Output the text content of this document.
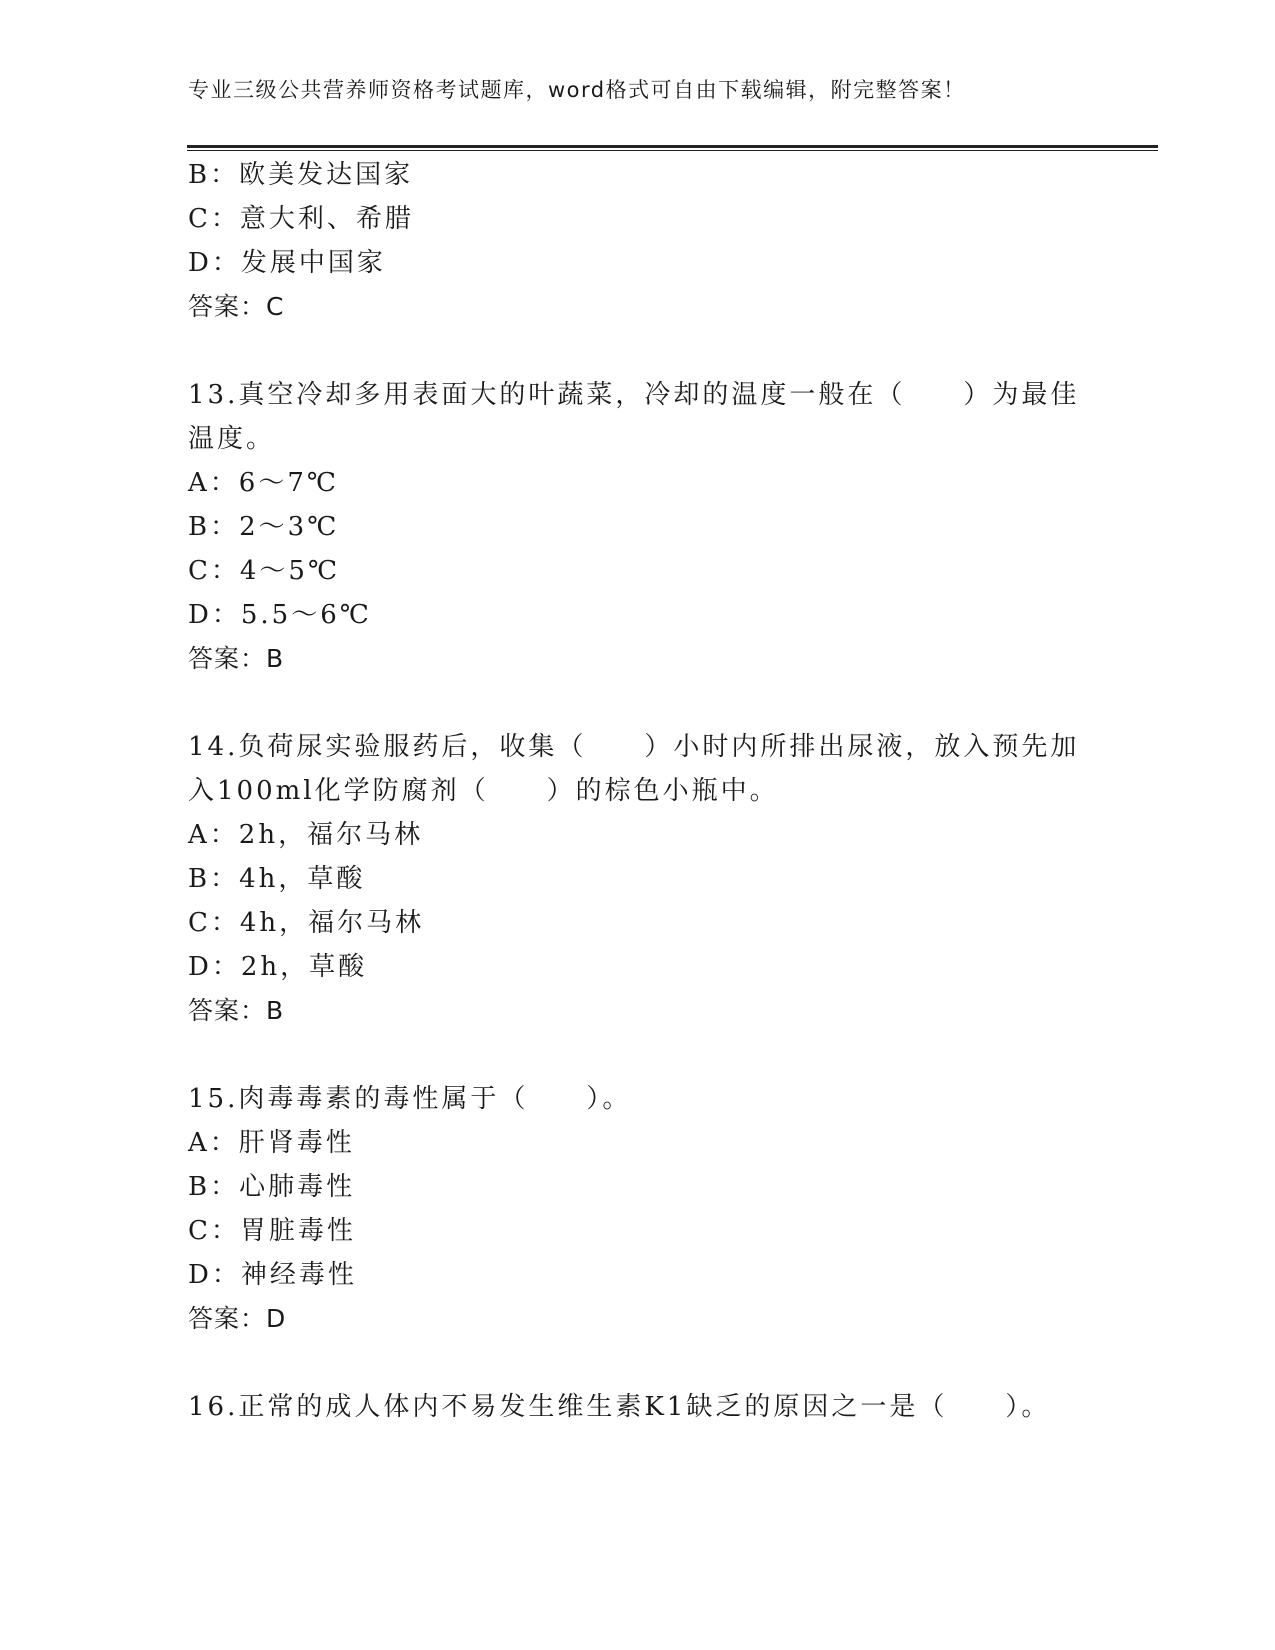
专业三级公共营养师资格考试题库，word格式可自由下载编辑，附完整答案！
B：欧美发达国家
C：意大利、希腊
D：发展中国家
答案：C
13.真空冷却多用表面大的叶蔬菜，冷却的温度一般在（　　）为最佳
温度。
A：6～7℃
B：2～3℃
C：4～5℃
D：5.5～6℃
答案：B
14.负荷尿实验服药后，收集（　　）小时内所排出尿液，放入预先加
入100ml化学防腐剂（　　）的棕色小瓶中。
A：2h，福尔马林
B：4h，草酸
C：4h，福尔马林
D：2h，草酸
答案：B
15.肉毒毒素的毒性属于（　　）。
A：肝肾毒性
B：心肺毒性
C：胃脏毒性
D：神经毒性
答案：D
16.正常的成人体内不易发生维生素K1缺乏的原因之一是（　　）。
